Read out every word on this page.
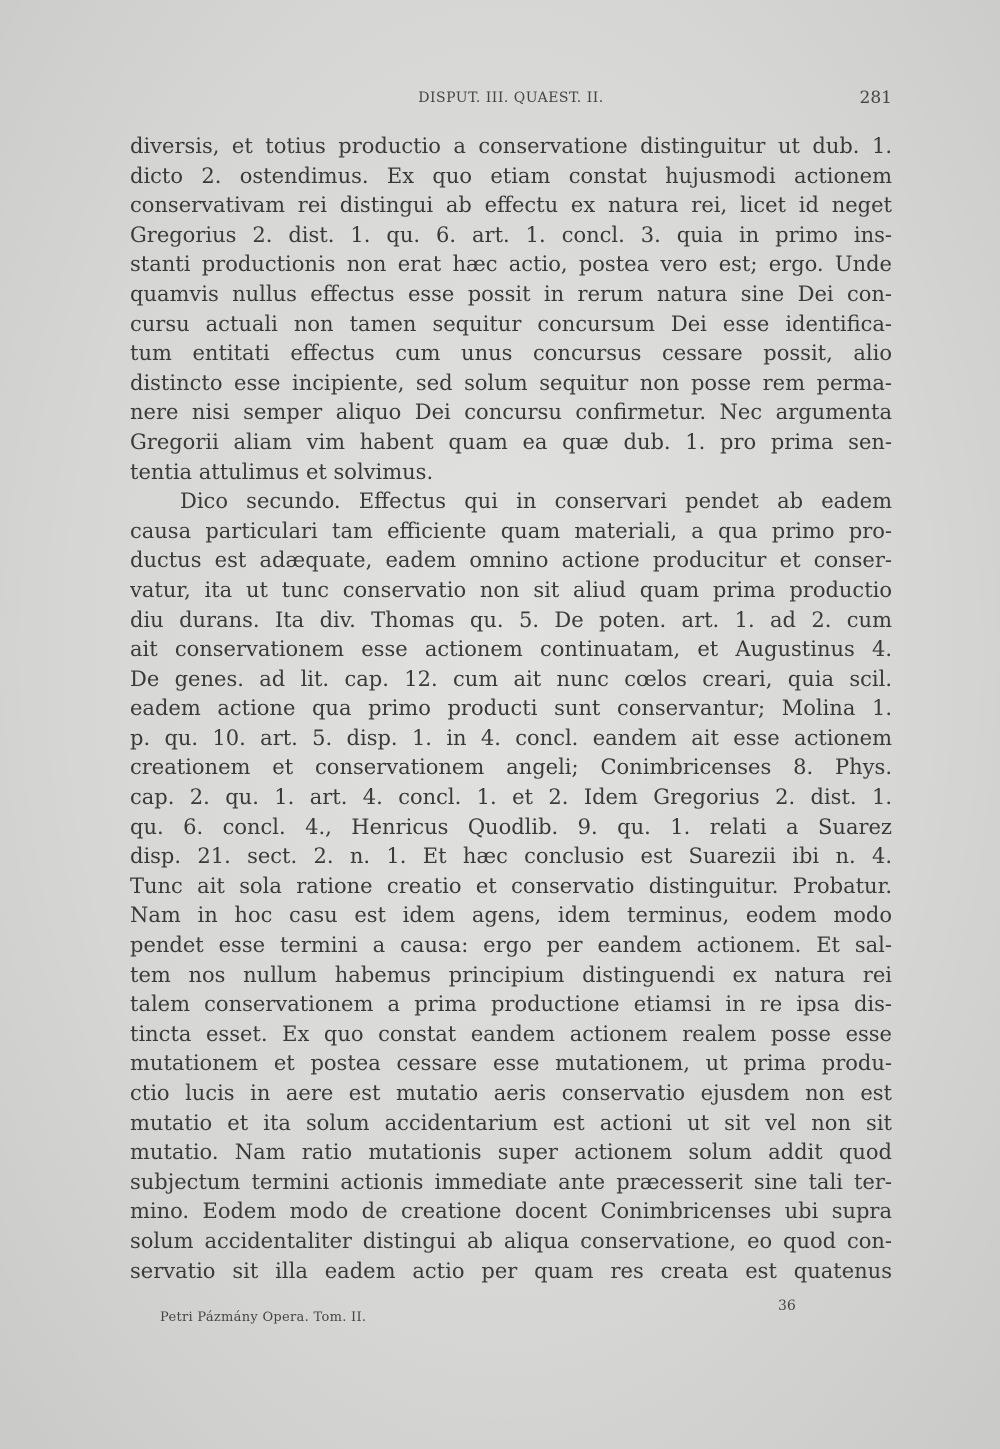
DISPUT. III. QUAEST. II.	281
diversis, et totius productio a conservatione distinguitur ut dub. 1.
dicto 2. ostendimus. Ex quo etiam constat hujusmodi actionem
conservativam rei distingui ab effectu ex natura rei, licet id neget
Gregorius 2. dist. 1. qu. 6. art. 1. concl. 3. quia in primo ins-
stanti productionis non erat hæc actio, postea vero est; ergo. Unde
quamvis nullus effectus esse possit in rerum natura sine Dei con-
cursu actuali non tamen sequitur concursum Dei esse identifica-
tum entitati effectus cum unus concursus cessare possit, alio
distincto esse incipiente, sed solum sequitur non posse rem perma-
nere nisi semper aliquo Dei concursu confirmetur. Nec argumenta
Gregorii aliam vim habent quam ea quæ dub. 1. pro prima sen-
tentia attulimus et solvimus.
Dico secundo. Effectus qui in conservari pendet ab eadem
causa particulari tam efficiente quam materiali, a qua primo pro-
ductus est adæquate, eadem omnino actione producitur et conser-
vatur, ita ut tunc conservatio non sit aliud quam prima productio
diu durans. Ita div. Thomas qu. 5. De poten. art. 1. ad 2. cum
ait conservationem esse actionem continuatam, et Augustinus 4.
De genes. ad lit. cap. 12. cum ait nunc cœlos creari, quia scil.
eadem actione qua primo producti sunt conservantur; Molina 1.
p. qu. 10. art. 5. disp. 1. in 4. concl. eandem ait esse actionem
creationem et conservationem angeli; Conimbricenses 8. Phys.
cap. 2. qu. 1. art. 4. concl. 1. et 2. Idem Gregorius 2. dist. 1.
qu. 6. concl. 4., Henricus Quodlib. 9. qu. 1. relati a Suarez
disp. 21. sect. 2. n. 1. Et hæc conclusio est Suarezii ibi n. 4.
Tunc ait sola ratione creatio et conservatio distinguitur. Probatur.
Nam in hoc casu est idem agens, idem terminus, eodem modo
pendet esse termini a causa: ergo per eandem actionem. Et sal-
tem nos nullum habemus principium distinguendi ex natura rei
talem conservationem a prima productione etiamsi in re ipsa dis-
tincta esset. Ex quo constat eandem actionem realem posse esse
mutationem et postea cessare esse mutationem, ut prima produ-
ctio lucis in aere est mutatio aeris conservatio ejusdem non est
mutatio et ita solum accidentarium est actioni ut sit vel non sit
mutatio. Nam ratio mutationis super actionem solum addit quod
subjectum termini actionis immediate ante præcesserit sine tali ter-
mino. Eodem modo de creatione docent Conimbricenses ubi supra
solum accidentaliter distingui ab aliqua conservatione, eo quod con-
servatio sit illa eadem actio per quam res creata est quatenus
Petri Pázmány Opera. Tom. II.
36
